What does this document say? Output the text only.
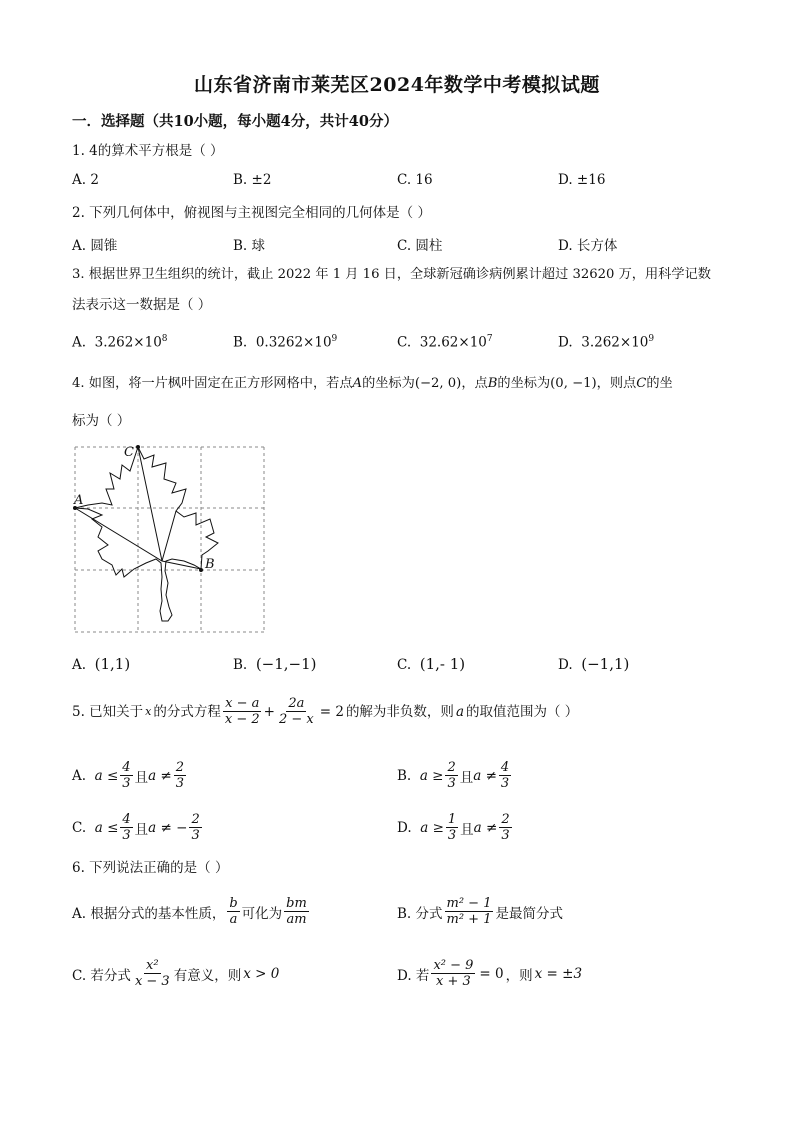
山东省济南市莱芜区2024年数学中考模拟试题
一．选择题（共10小题，每小题4分，共计40分）
1. 4的算术平方根是（ ）
A. 2	B. ±2	C. 16	D. ±16
2. 下列几何体中，俯视图与主视图完全相同的几何体是（ ）
A. 圆锥	B. 球	C. 圆柱	D. 长方体
3. 根据世界卫生组织的统计，截止 2022 年 1 月 16 日，全球新冠确诊病例累计超过 32620 万，用科学记数
法表示这一数据是（ ）
A. $3.262\times 10^8$	B. $0.3262\times 10^9$	C. $32.62\times 10^7$	D. $3.262\times 10^9$
4. 如图，将一片枫叶固定在正方形网格中，若点A的坐标为(−2, 0)，点B的坐标为(0, −1)，则点C的坐
标为（ ）
A
C
B
A. (1,1)	B. (−1,−1)	C. (1,- 1)	D. (−1,1)
5. 已知关于 x 的分式方程 $\frac{x - a}{x - 2} + \frac{2a}{2 - x} = 2$ 的解为非负数，则 a 的取值范围为（ ）
A.
$a \le \frac{4}{3}$ 且 $a \ne \frac{2}{3}$	B.
$a \ge \frac{2}{3}$ 且 $a \ne \frac{4}{3}$
C.
$a \le \frac{4}{3}$ 且 a ≠ − $\frac{2}{3}$	D.
$a \ge \frac{1}{3}$ 且 $a \ne \frac{2}{3}$
6. 下列说法正确的是（ ）
A. 根据分式的基本性质， $\frac{b}{a}$ 可化为 $\frac{bm}{am}$	B. 分式 $\frac{\text{m² − 1}}{\text{m² + 1}}$ 是最简分式
C. 若分式 $\frac{\text{x²}}{x - 3}$ 有意义，则 x > 0	D. 若 $\frac{\text{x² − 9}}{x + 3} = 0$ ，则 x = ±3
